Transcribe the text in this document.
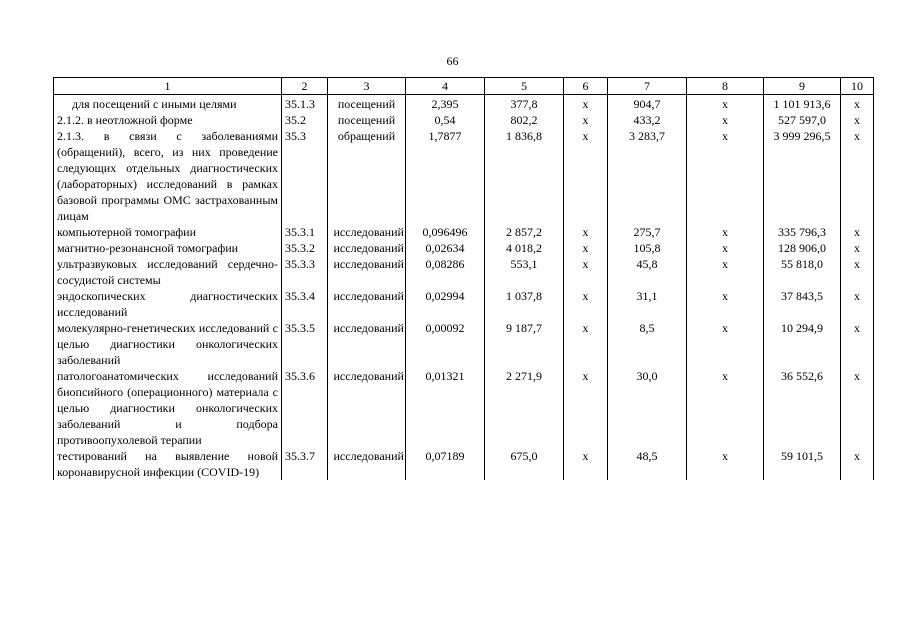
66
1	2	3	4	5	6	7	8	9	10
для посещений с иными целями	35.1.3	посещений	2,395	377,8	х	904,7	х	1 101 913,6	х
2.1.2. в неотложной форме	35.2	посещений	0,54	802,2	х	433,2	х	527 597,0	х
2.1.3. в связи с заболеваниями (обращений), всего, из них проведение следующих отдельных диагностических (лабораторных) исследований в рамках базовой программы ОМС застрахованным лицам	35.3	обращений	1,7877	1 836,8	х	3 283,7	х	3 999 296,5	х
компьютерной томографии	35.3.1	исследований	0,096496	2 857,2	х	275,7	х	335 796,3	х
магнитно-резонансной томографии	35.3.2	исследований	0,02634	4 018,2	х	105,8	х	128 906,0	х
ультразвуковых исследований сердечно-сосудистой системы	35.3.3	исследований	0,08286	553,1	х	45,8	х	55 818,0	х
эндоскопических диагностических исследований	35.3.4	исследований	0,02994	1 037,8	х	31,1	х	37 843,5	х
молекулярно-генетических исследований с целью диагностики онкологических заболеваний	35.3.5	исследований	0,00092	9 187,7	х	8,5	х	10 294,9	х
патологоанатомических исследований биопсийного (операционного) материала с целью диагностики онкологических заболеваний и подбора противоопухолевой терапии	35.3.6	исследований	0,01321	2 271,9	х	30,0	х	36 552,6	х
тестирований на выявление новой коронавирусной инфекции (COVID-19)	35.3.7	исследований	0,07189	675,0	х	48,5	х	59 101,5	х
